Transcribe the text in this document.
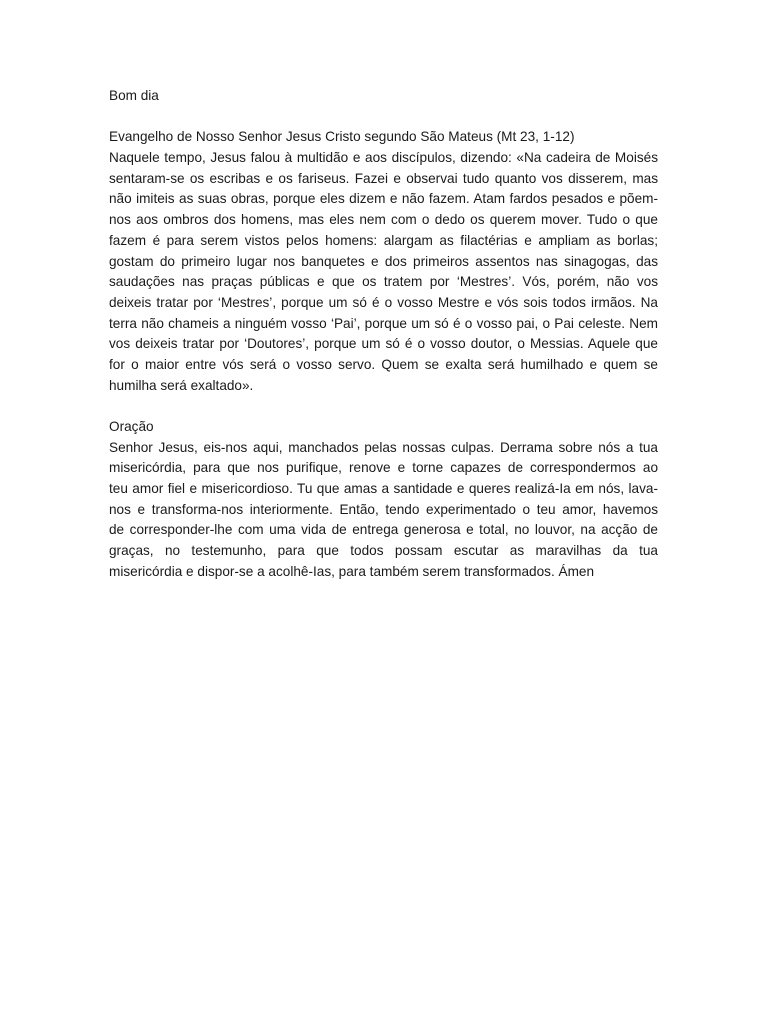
Bom dia
Evangelho de Nosso Senhor Jesus Cristo segundo São Mateus (Mt 23, 1-12)
Naquele tempo, Jesus falou à multidão e aos discípulos, dizendo: «Na cadeira de Moisés
sentaram-se os escribas e os fariseus. Fazei e observai tudo quanto vos disserem, mas
não imiteis as suas obras, porque eles dizem e não fazem. Atam fardos pesados e põem-
nos aos ombros dos homens, mas eles nem com o dedo os querem mover. Tudo o que
fazem é para serem vistos pelos homens: alargam as filactérias e ampliam as borlas;
gostam do primeiro lugar nos banquetes e dos primeiros assentos nas sinagogas, das
saudações nas praças públicas e que os tratem por ‘Mestres’. Vós, porém, não vos
deixeis tratar por ‘Mestres’, porque um só é o vosso Mestre e vós sois todos irmãos. Na
terra não chameis a ninguém vosso ‘Pai’, porque um só é o vosso pai, o Pai celeste. Nem
vos deixeis tratar por ‘Doutores’, porque um só é o vosso doutor, o Messias. Aquele que
for o maior entre vós será o vosso servo. Quem se exalta será humilhado e quem se
humilha será exaltado».
Oração
Senhor Jesus, eis-nos aqui, manchados pelas nossas culpas. Derrama sobre nós a tua
misericórdia, para que nos purifique, renove e torne capazes de correspondermos ao
teu amor fiel e misericordioso. Tu que amas a santidade e queres realizá-Ia em nós, lava-
nos e transforma-nos interiormente. Então, tendo experimentado o teu amor, havemos
de corresponder-lhe com uma vida de entrega generosa e total, no louvor, na acção de
graças, no testemunho, para que todos possam escutar as maravilhas da tua
misericórdia e dispor-se a acolhê-Ias, para também serem transformados. Ámen
